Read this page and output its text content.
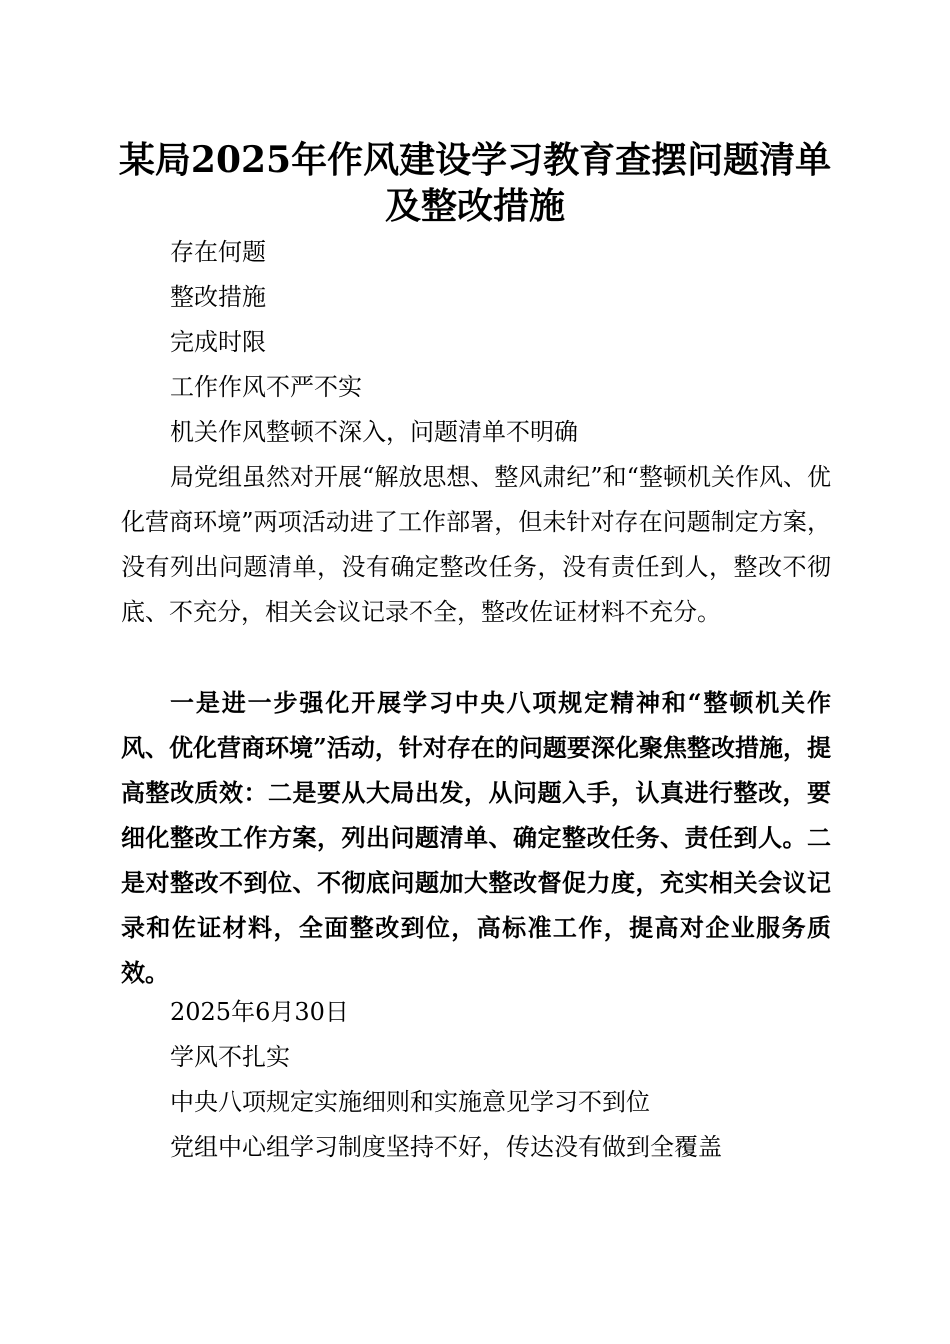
某局2025年作风建设学习教育查摆问题清单
及整改措施

存在何题

整改措施

完成时限

工作作风不严不实

机关作风整顿不深入，问题清单不明确

局党组虽然对开展“解放思想、整风肃纪”和“整顿机关作风、优化营商环境”两项活动进了工作部署，但未针对存在问题制定方案，没有列出问题清单，没有确定整改任务，没有责任到人，整改不彻底、不充分，相关会议记录不全，整改佐证材料不充分。

一是进一步强化开展学习中央八项规定精神和“整顿机关作风、优化营商环境”活动，针对存在的问题要深化聚焦整改措施，提高整改质效：二是要从大局出发，从问题入手，认真进行整改，要细化整改工作方案，列出问题清单、确定整改任务、责任到人。二是对整改不到位、不彻底问题加大整改督促力度，充实相关会议记录和佐证材料，全面整改到位，高标准工作，提高对企业服务质效。

2025年6月30日

学风不扎实

中央八项规定实施细则和实施意见学习不到位

党组中心组学习制度坚持不好，传达没有做到全覆盖
